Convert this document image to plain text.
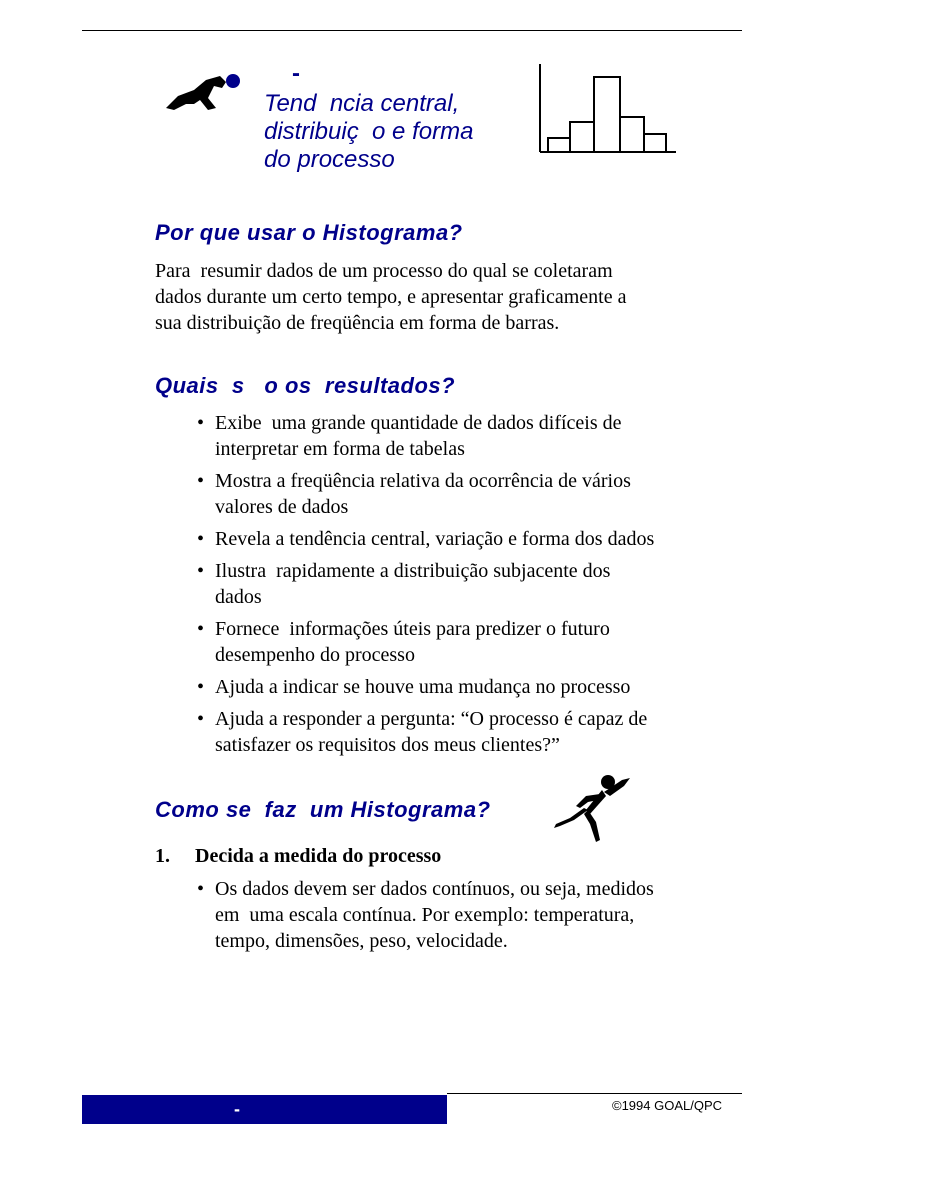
-
Tend  ncia central,
distribuiç  o e forma
do processo
Por que usar o Histograma?
Para  resumir dados de um processo do qual se coletaram
dados durante um certo tempo, e apresentar graficamente a
sua distribuição de freqüência em forma de barras.
Quais  s   o os  resultados?
• Exibe  uma grande quantidade de dados difíceis de
interpretar em forma de tabelas
• Mostra a freqüência relativa da ocorrência de vários
valores de dados
• Revela a tendência central, variação e forma dos dados
• Ilustra  rapidamente a distribuição subjacente dos
dados
• Fornece  informações úteis para predizer o futuro
desempenho do processo
• Ajuda a indicar se houve uma mudança no processo
• Ajuda a responder a pergunta: “O processo é capaz de
satisfazer os requisitos dos meus clientes?”
Como se  faz  um Histograma?
1. Decida a medida do processo
• Os dados devem ser dados contínuos, ou seja, medidos
em  uma escala contínua. Por exemplo: temperatura,
tempo, dimensões, peso, velocidade.
-	©1994 GOAL/QPC
